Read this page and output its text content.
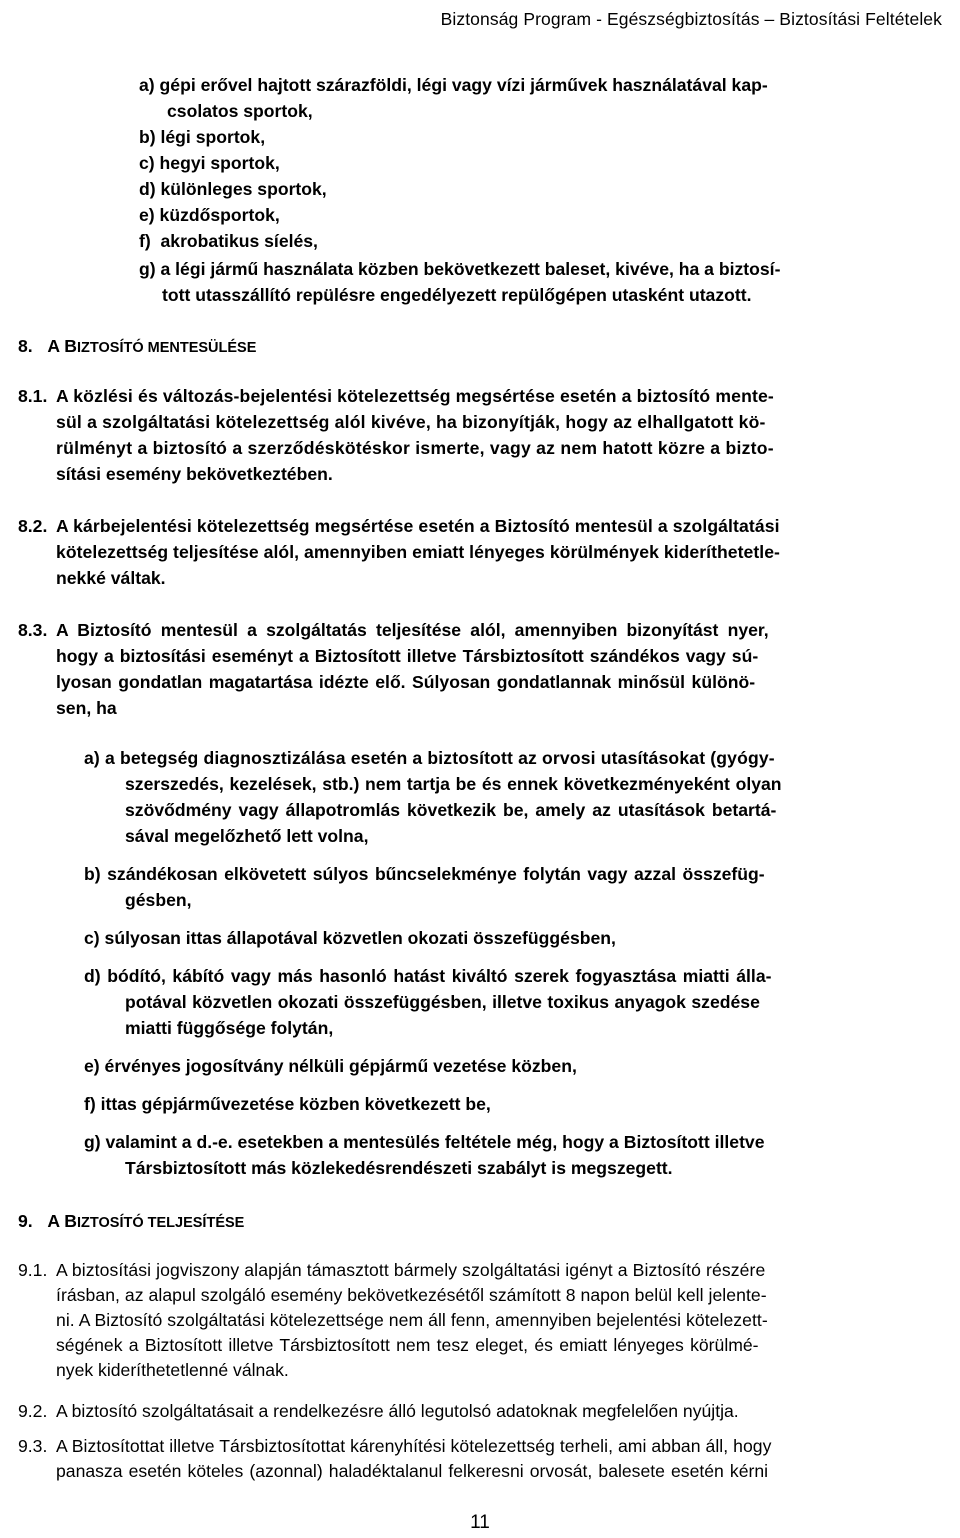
Biztonság Program - Egészségbiztosítás – Biztosítási Feltételek
a) gépi erővel hajtott szárazföldi, légi vagy vízi járművek használatával kap-
csolatos sportok,
b) légi sportok,
c) hegyi sportok,
d) különleges sportok,
e) küzdősportok,
f) akrobatikus síelés,
g) a légi jármű használata közben bekövetkezett baleset, kivéve, ha a biztosí-
tott utasszállító repülésre engedélyezett repülőgépen utasként utazott.
8. A BIZTOSÍTÓ MENTESÜLÉSE
8.1. A közlési és változás-bejelentési kötelezettség megsértése esetén a biztosító mente-
sül a szolgáltatási kötelezettség alól kivéve, ha bizonyítják, hogy az elhallgatott kö-
rülményt a biztosító a szerződéskötéskor ismerte, vagy az nem hatott közre a bizto-
sítási esemény bekövetkeztében.
8.2. A kárbejelentési kötelezettség megsértése esetén a Biztosító mentesül a szolgáltatási
kötelezettség teljesítése alól, amennyiben emiatt lényeges körülmények kideríthetetle-
nekké váltak.
8.3. A Biztosító mentesül a szolgáltatás teljesítése alól, amennyiben bizonyítást nyer,
hogy a biztosítási eseményt a Biztosított illetve Társbiztosított szándékos vagy sú-
lyosan gondatlan magatartása idézte elő. Súlyosan gondatlannak minősül különö-
sen, ha
a) a betegség diagnosztizálása esetén a biztosított az orvosi utasításokat (gyógy-
szerszedés, kezelések, stb.) nem tartja be és ennek következményeként olyan
szövődmény vagy állapotromlás következik be, amely az utasítások betartá-
sával megelőzhető lett volna,
b) szándékosan elkövetett súlyos bűncselekménye folytán vagy azzal összefüg-
gésben,
c) súlyosan ittas állapotával közvetlen okozati összefüggésben,
d) bódító, kábító vagy más hasonló hatást kiváltó szerek fogyasztása miatti álla-
potával közvetlen okozati összefüggésben, illetve toxikus anyagok szedése
miatti függősége folytán,
e) érvényes jogosítvány nélküli gépjármű vezetése közben,
f) ittas gépjárművezetése közben következett be,
g) valamint a d.-e. esetekben a mentesülés feltétele még, hogy a Biztosított illetve
Társbiztosított más közlekedésrendészeti szabályt is megszegett.
9. A BIZTOSÍTÓ TELJESÍTÉSE
9.1. A biztosítási jogviszony alapján támasztott bármely szolgáltatási igényt a Biztosító részére
írásban, az alapul szolgáló esemény bekövetkezésétől számított 8 napon belül kell jelente-
ni. A Biztosító szolgáltatási kötelezettsége nem áll fenn, amennyiben bejelentési kötelezett-
ségének a Biztosított illetve Társbiztosított nem tesz eleget, és emiatt lényeges körülmé-
nyek kideríthetetlenné válnak.
9.2. A biztosító szolgáltatásait a rendelkezésre álló legutolsó adatoknak megfelelően nyújtja.
9.3. A Biztosítottat illetve Társbiztosítottat kárenyhítési kötelezettség terheli, ami abban áll, hogy
panasza esetén köteles (azonnal) haladéktalanul felkeresni orvosát, balesete esetén kérni
11
